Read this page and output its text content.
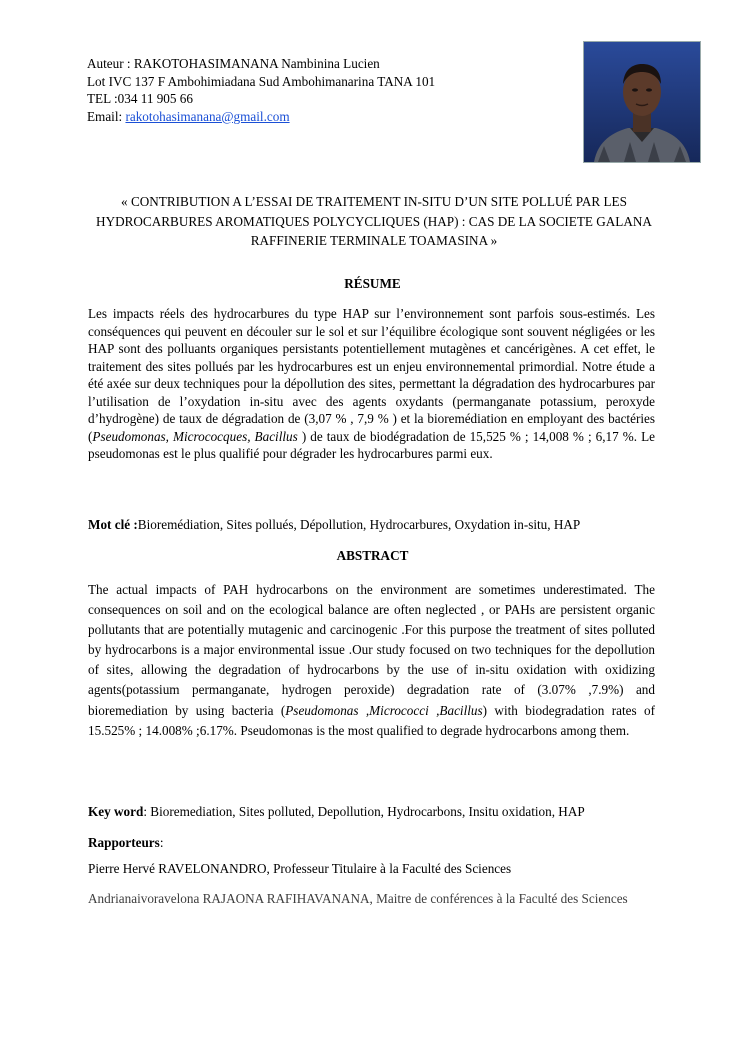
Auteur : RAKOTOHASIMANANA Nambinina Lucien
Lot IVC 137 F Ambohimiadana Sud Ambohimanarina TANA 101
TEL :034 11 905 66
Email: rakotohasimanana@gmail.com
« CONTRIBUTION A L’ESSAI DE TRAITEMENT IN-SITU D’UN SITE POLLUÉ PAR LES HYDROCARBURES AROMATIQUES POLYCYCLIQUES (HAP) : CAS DE LA SOCIETE GALANA RAFFINERIE TERMINALE TOAMASINA »
RÉSUME
Les impacts réels des hydrocarbures du type HAP sur l’environnement sont parfois sous-estimés. Les conséquences qui peuvent en découler sur le sol et sur l’équilibre écologique sont souvent négligées or les HAP sont des polluants organiques persistants potentiellement mutagènes et cancérigènes. A cet effet, le traitement des sites pollués par les hydrocarbures est un enjeu environnemental primordial. Notre étude a été axée sur deux techniques pour la dépollution des sites, permettant la dégradation des hydrocarbures par l’utilisation de l’oxydation in-situ avec des agents oxydants (permanganate potassium, peroxyde d’hydrogène) de taux de dégradation de (3,07 % , 7,9 % ) et la bioremédiation en employant des bactéries (Pseudomonas, Micrococques, Bacillus ) de taux de biodégradation de 15,525 % ; 14,008 % ; 6,17 %. Le pseudomonas est le plus qualifié pour dégrader les hydrocarbures parmi eux.
Mot clé :Bioremédiation, Sites pollués, Dépollution, Hydrocarbures, Oxydation in-situ, HAP
ABSTRACT
The actual impacts of PAH hydrocarbons on the environment are sometimes underestimated. The consequences on soil and on the ecological balance are often neglected , or PAHs are persistent organic pollutants that are potentially mutagenic and carcinogenic .For this purpose the treatment of sites polluted by hydrocarbons is a major environmental issue .Our study focused on two techniques for the depollution of sites, allowing the degradation of hydrocarbons by the use of in-situ oxidation with oxidizing agents(potassium permanganate, hydrogen peroxide) degradation rate of (3.07% ,7.9%) and bioremediation by using bacteria (Pseudomonas ,Micrococci ,Bacillus) with biodegradation rates of 15.525% ; 14.008% ;6.17%. Pseudomonas is the most qualified to degrade hydrocarbons among them.
Key word: Bioremediation, Sites polluted, Depollution, Hydrocarbons, Insitu oxidation, HAP
Rapporteurs:
Pierre Hervé RAVELONANDRO, Professeur Titulaire à la Faculté des Sciences
Andrianaivoravelona RAJAONA RAFIHAVANANA, Maitre de conférences à la Faculté des Sciences
